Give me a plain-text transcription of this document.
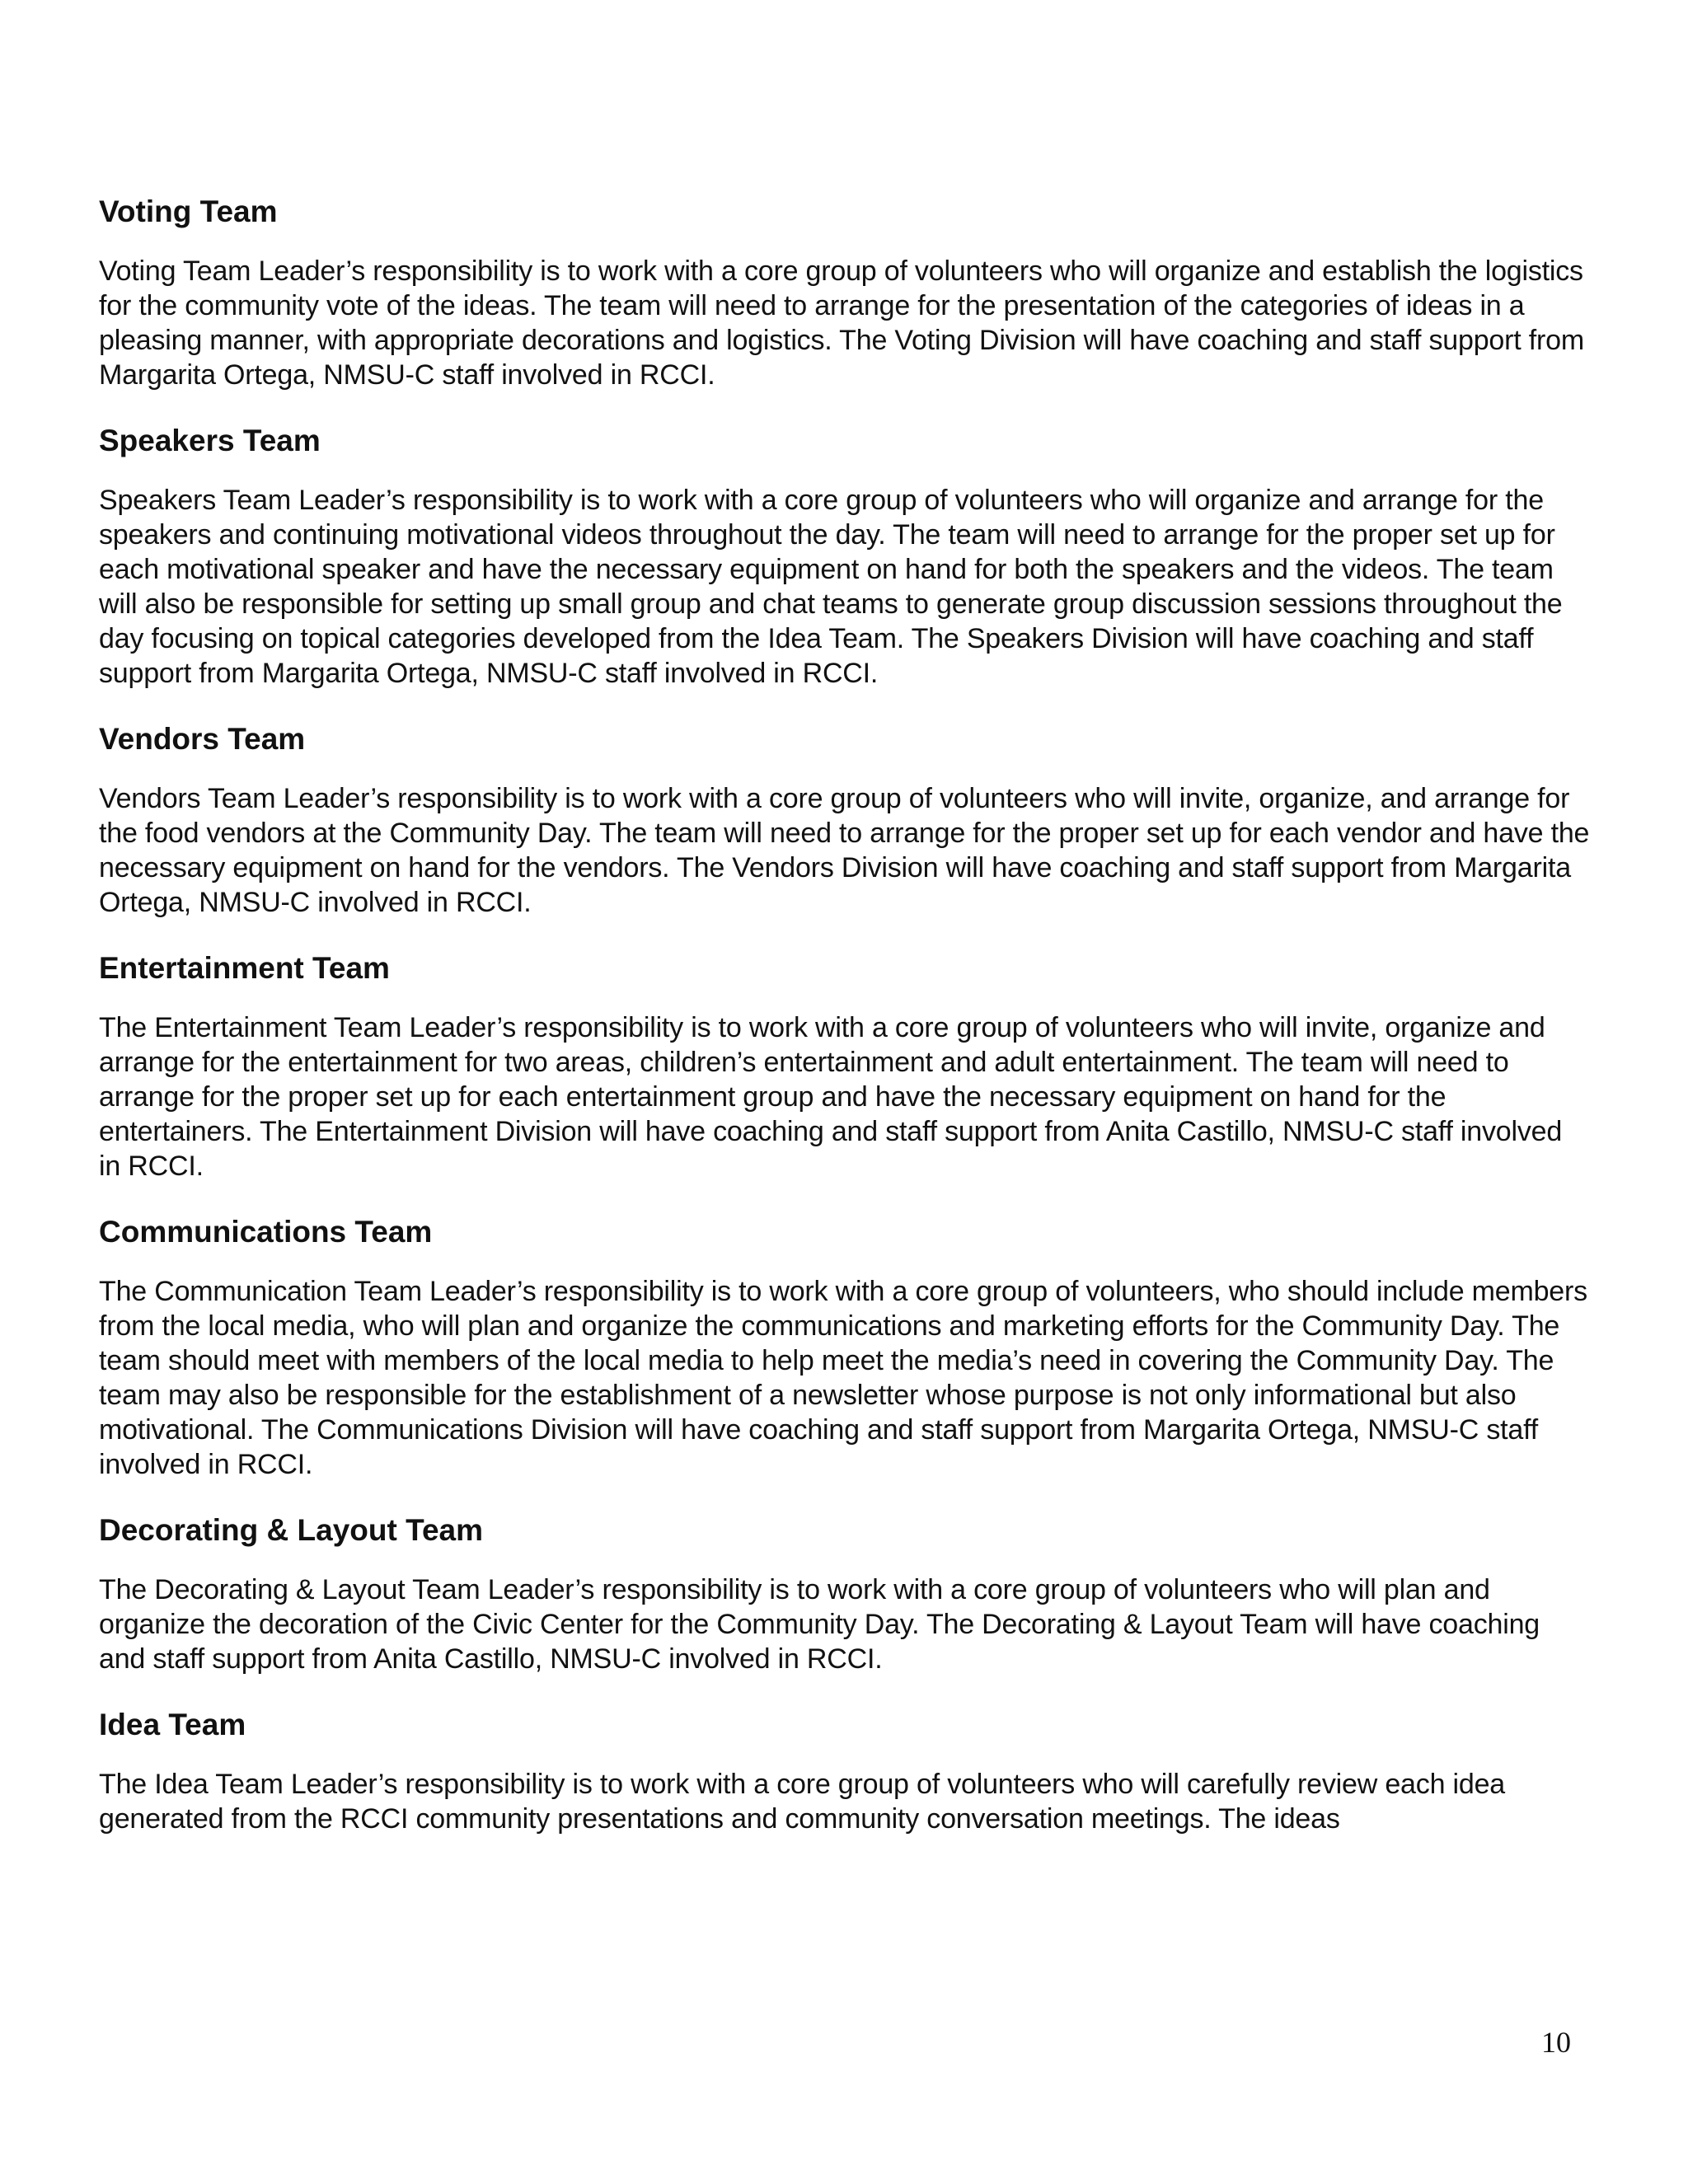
Voting Team
Voting Team Leader’s responsibility is to work with a core group of volunteers who will organize and establish the logistics for the community vote of the ideas. The team will need to arrange for the presentation of the categories of ideas in a pleasing manner, with appropriate decorations and logistics. The Voting Division will have coaching and staff support from Margarita Ortega, NMSU-C staff involved in RCCI.
Speakers Team
Speakers Team Leader’s responsibility is to work with a core group of volunteers who will organize and arrange for the speakers and continuing motivational videos throughout the day. The team will need to arrange for the proper set up for each motivational speaker and have the necessary equipment on hand for both the speakers and the videos. The team will also be responsible for setting up small group and chat teams to generate group discussion sessions throughout the day focusing on topical categories developed from the Idea Team. The Speakers Division will have coaching and staff support from Margarita Ortega, NMSU-C staff involved in RCCI.
Vendors Team
Vendors Team Leader’s responsibility is to work with a core group of volunteers who will invite, organize, and arrange for the food vendors at the Community Day. The team will need to arrange for the proper set up for each vendor and have the necessary equipment on hand for the vendors. The Vendors Division will have coaching and staff support from Margarita Ortega, NMSU-C involved in RCCI.
Entertainment Team
The Entertainment Team Leader’s responsibility is to work with a core group of volunteers who will invite, organize and arrange for the entertainment for two areas, children’s entertainment and adult entertainment. The team will need to arrange for the proper set up for each entertainment group and have the necessary equipment on hand for the entertainers. The Entertainment Division will have coaching and staff support from Anita Castillo, NMSU-C staff involved in RCCI.
Communications Team
The Communication Team Leader’s responsibility is to work with a core group of volunteers, who should include members from the local media, who will plan and organize the communications and marketing efforts for the Community Day. The team should meet with members of the local media to help meet the media’s need in covering the Community Day. The team may also be responsible for the establishment of a newsletter whose purpose is not only informational but also motivational. The Communications Division will have coaching and staff support from Margarita Ortega, NMSU-C staff involved in RCCI.
Decorating & Layout Team
The Decorating & Layout Team Leader’s responsibility is to work with a core group of volunteers who will plan and organize the decoration of the Civic Center for the Community Day. The Decorating & Layout Team will have coaching and staff support from Anita Castillo, NMSU-C involved in RCCI.
Idea Team
The Idea Team Leader’s responsibility is to work with a core group of volunteers who will carefully review each idea generated from the RCCI community presentations and community conversation meetings. The ideas
10
